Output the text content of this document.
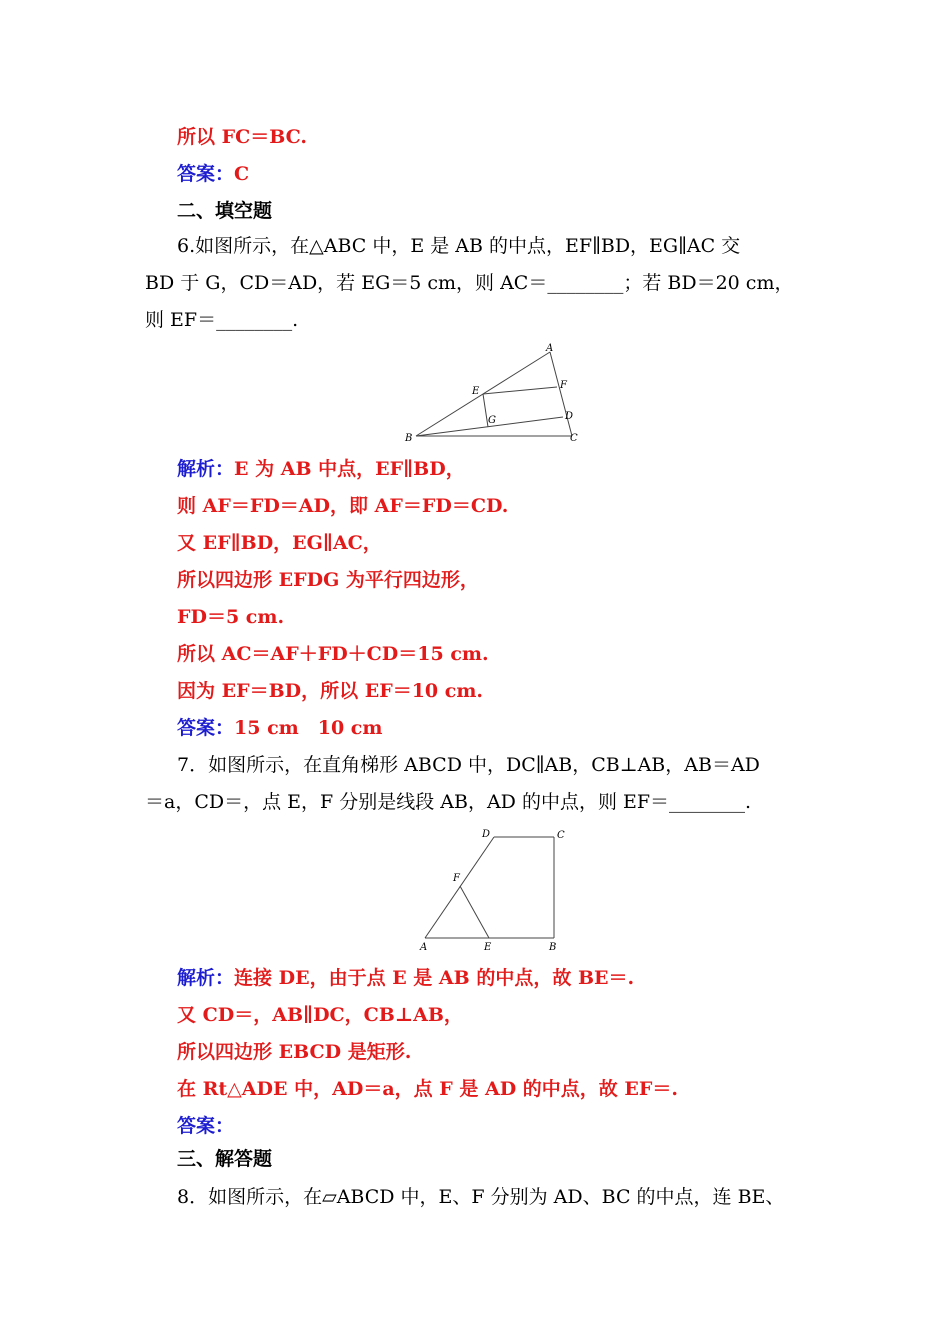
所以 FC＝BC.
答案：C
二、填空题
6.如图所示，在△ABC 中，E 是 AB 的中点，EF∥BD，EG∥AC 交
BD 于 G，CD＝AD，若 EG＝5 cm，则 AC＝________；若 BD＝20 cm，
则 EF＝________.
A
E
F
G	D
B	C
解析：E 为 AB 中点，EF∥BD，
则 AF＝FD＝AD，即 AF＝FD＝CD.
又 EF∥BD，EG∥AC，
所以四边形 EFDG 为平行四边形，
FD＝5 cm.
所以 AC＝AF＋FD＋CD＝15 cm.
因为 EF＝BD，所以 EF＝10 cm.
答案：15 cm　10 cm
7．如图所示，在直角梯形 ABCD 中，DC∥AB，CB⊥AB，AB＝AD
＝a，CD＝，点 E，F 分别是线段 AB，AD 的中点，则 EF＝________.
D	C
F
A	E	B
解析：连接 DE，由于点 E 是 AB 的中点，故 BE＝.
又 CD＝，AB∥DC，CB⊥AB，
所以四边形 EBCD 是矩形.
在 Rt△ADE 中，AD＝a，点 F 是 AD 的中点，故 EF＝.
答案：
三、解答题
8．如图所示，在▱ABCD 中，E、F 分别为 AD、BC 的中点，连 BE、
